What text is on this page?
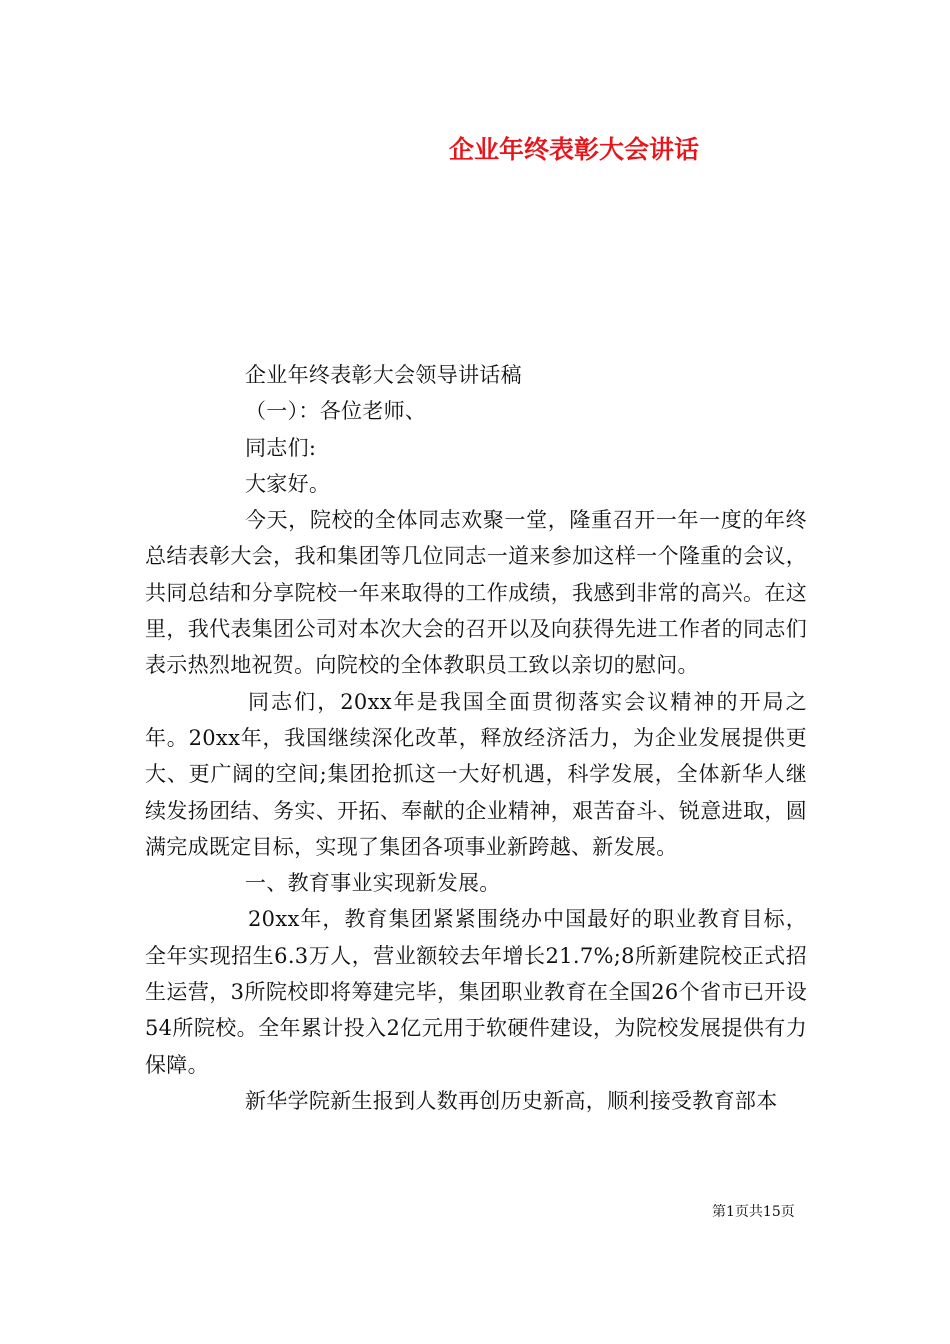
企业年终表彰大会讲话

企业年终表彰大会领导讲话稿

（一）：各位老师、

同志们:

大家好。

今天，院校的全体同志欢聚一堂，隆重召开一年一度的年终总结表彰大会，我和集团等几位同志一道来参加这样一个隆重的会议，共同总结和分享院校一年来取得的工作成绩，我感到非常的高兴。在这里，我代表集团公司对本次大会的召开以及向获得先进工作者的同志们表示热烈地祝贺。向院校的全体教职员工致以亲切的慰问。

同志们，20xx年是我国全面贯彻落实会议精神的开局之年。20xx年，我国继续深化改革，释放经济活力，为企业发展提供更大、更广阔的空间;集团抢抓这一大好机遇，科学发展，全体新华人继续发扬团结、务实、开拓、奉献的企业精神，艰苦奋斗、锐意进取，圆满完成既定目标，实现了集团各项事业新跨越、新发展。

一、教育事业实现新发展。

20xx年，教育集团紧紧围绕办中国最好的职业教育目标，全年实现招生6.3万人，营业额较去年增长21.7%;8所新建院校正式招生运营，3所院校即将筹建完毕，集团职业教育在全国26个省市已开设54所院校。全年累计投入2亿元用于软硬件建设，为院校发展提供有力保障。

新华学院新生报到人数再创历史新高，顺利接受教育部本

第1页共15页
